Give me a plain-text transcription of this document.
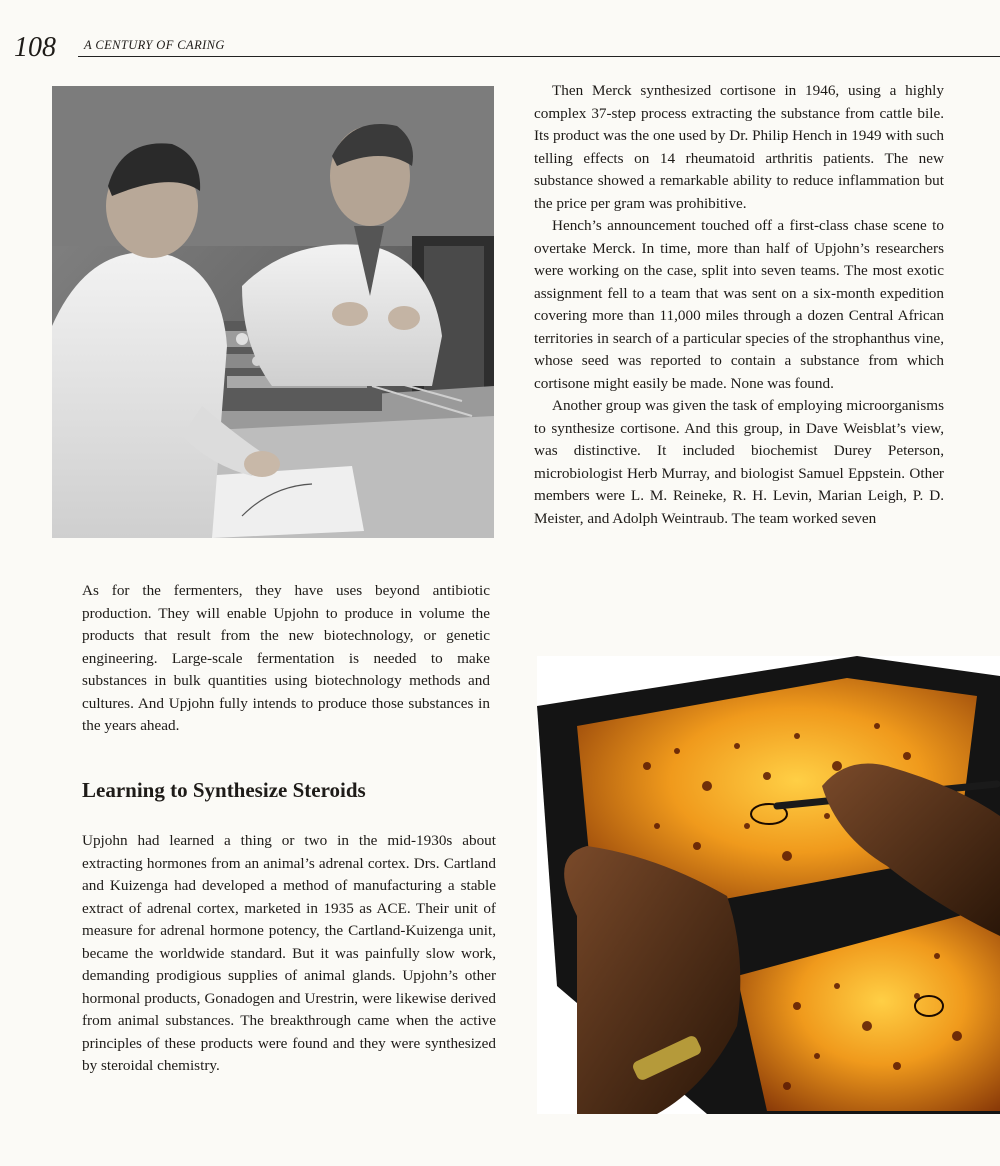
108 A CENTURY OF CARING

Then Merck synthesized cortisone in 1946, using a highly complex 37-step process extracting the substance from cattle bile. Its product was the one used by Dr. Philip Hench in 1949 with such telling effects on 14 rheumatoid arthritis patients. The new substance showed a remarkable ability to reduce inflammation but the price per gram was prohibitive.

Hench’s announcement touched off a first-class chase scene to overtake Merck. In time, more than half of Upjohn’s researchers were working on the case, split into seven teams. The most exotic assignment fell to a team that was sent on a six-month expedition covering more than 11,000 miles through a dozen Central African territories in search of a particular species of the strophanthus vine, whose seed was reported to contain a substance from which cortisone might easily be made. None was found.

Another group was given the task of employing microorganisms to synthesize cortisone. And this group, in Dave Weisblat’s view, was distinctive. It included biochemist Durey Peterson, microbiologist Herb Murray, and biologist Samuel Eppstein. Other members were L. M. Reineke, R. H. Levin, Marian Leigh, P. D. Meister, and Adolph Weintraub. The team worked seven

As for the fermenters, they have uses beyond antibiotic production. They will enable Upjohn to produce in volume the products that result from the new biotechnology, or genetic engineering. Large-scale fermentation is needed to make substances in bulk quantities using biotechnology methods and cultures. And Upjohn fully intends to produce those substances in the years ahead.

Learning to Synthesize Steroids

Upjohn had learned a thing or two in the mid-1930s about extracting hormones from an animal’s adrenal cortex. Drs. Cartland and Kuizenga had developed a method of manufacturing a stable extract of adrenal cortex, marketed in 1935 as ACE. Their unit of measure for adrenal hormone potency, the Cartland-Kuizenga unit, became the worldwide standard. But it was painfully slow work, demanding prodigious supplies of animal glands. Upjohn’s other hormonal products, Gonadogen and Urestrin, were likewise derived from animal substances. The breakthrough came when the active principles of these products were found and they were synthesized by steroidal chemistry.
